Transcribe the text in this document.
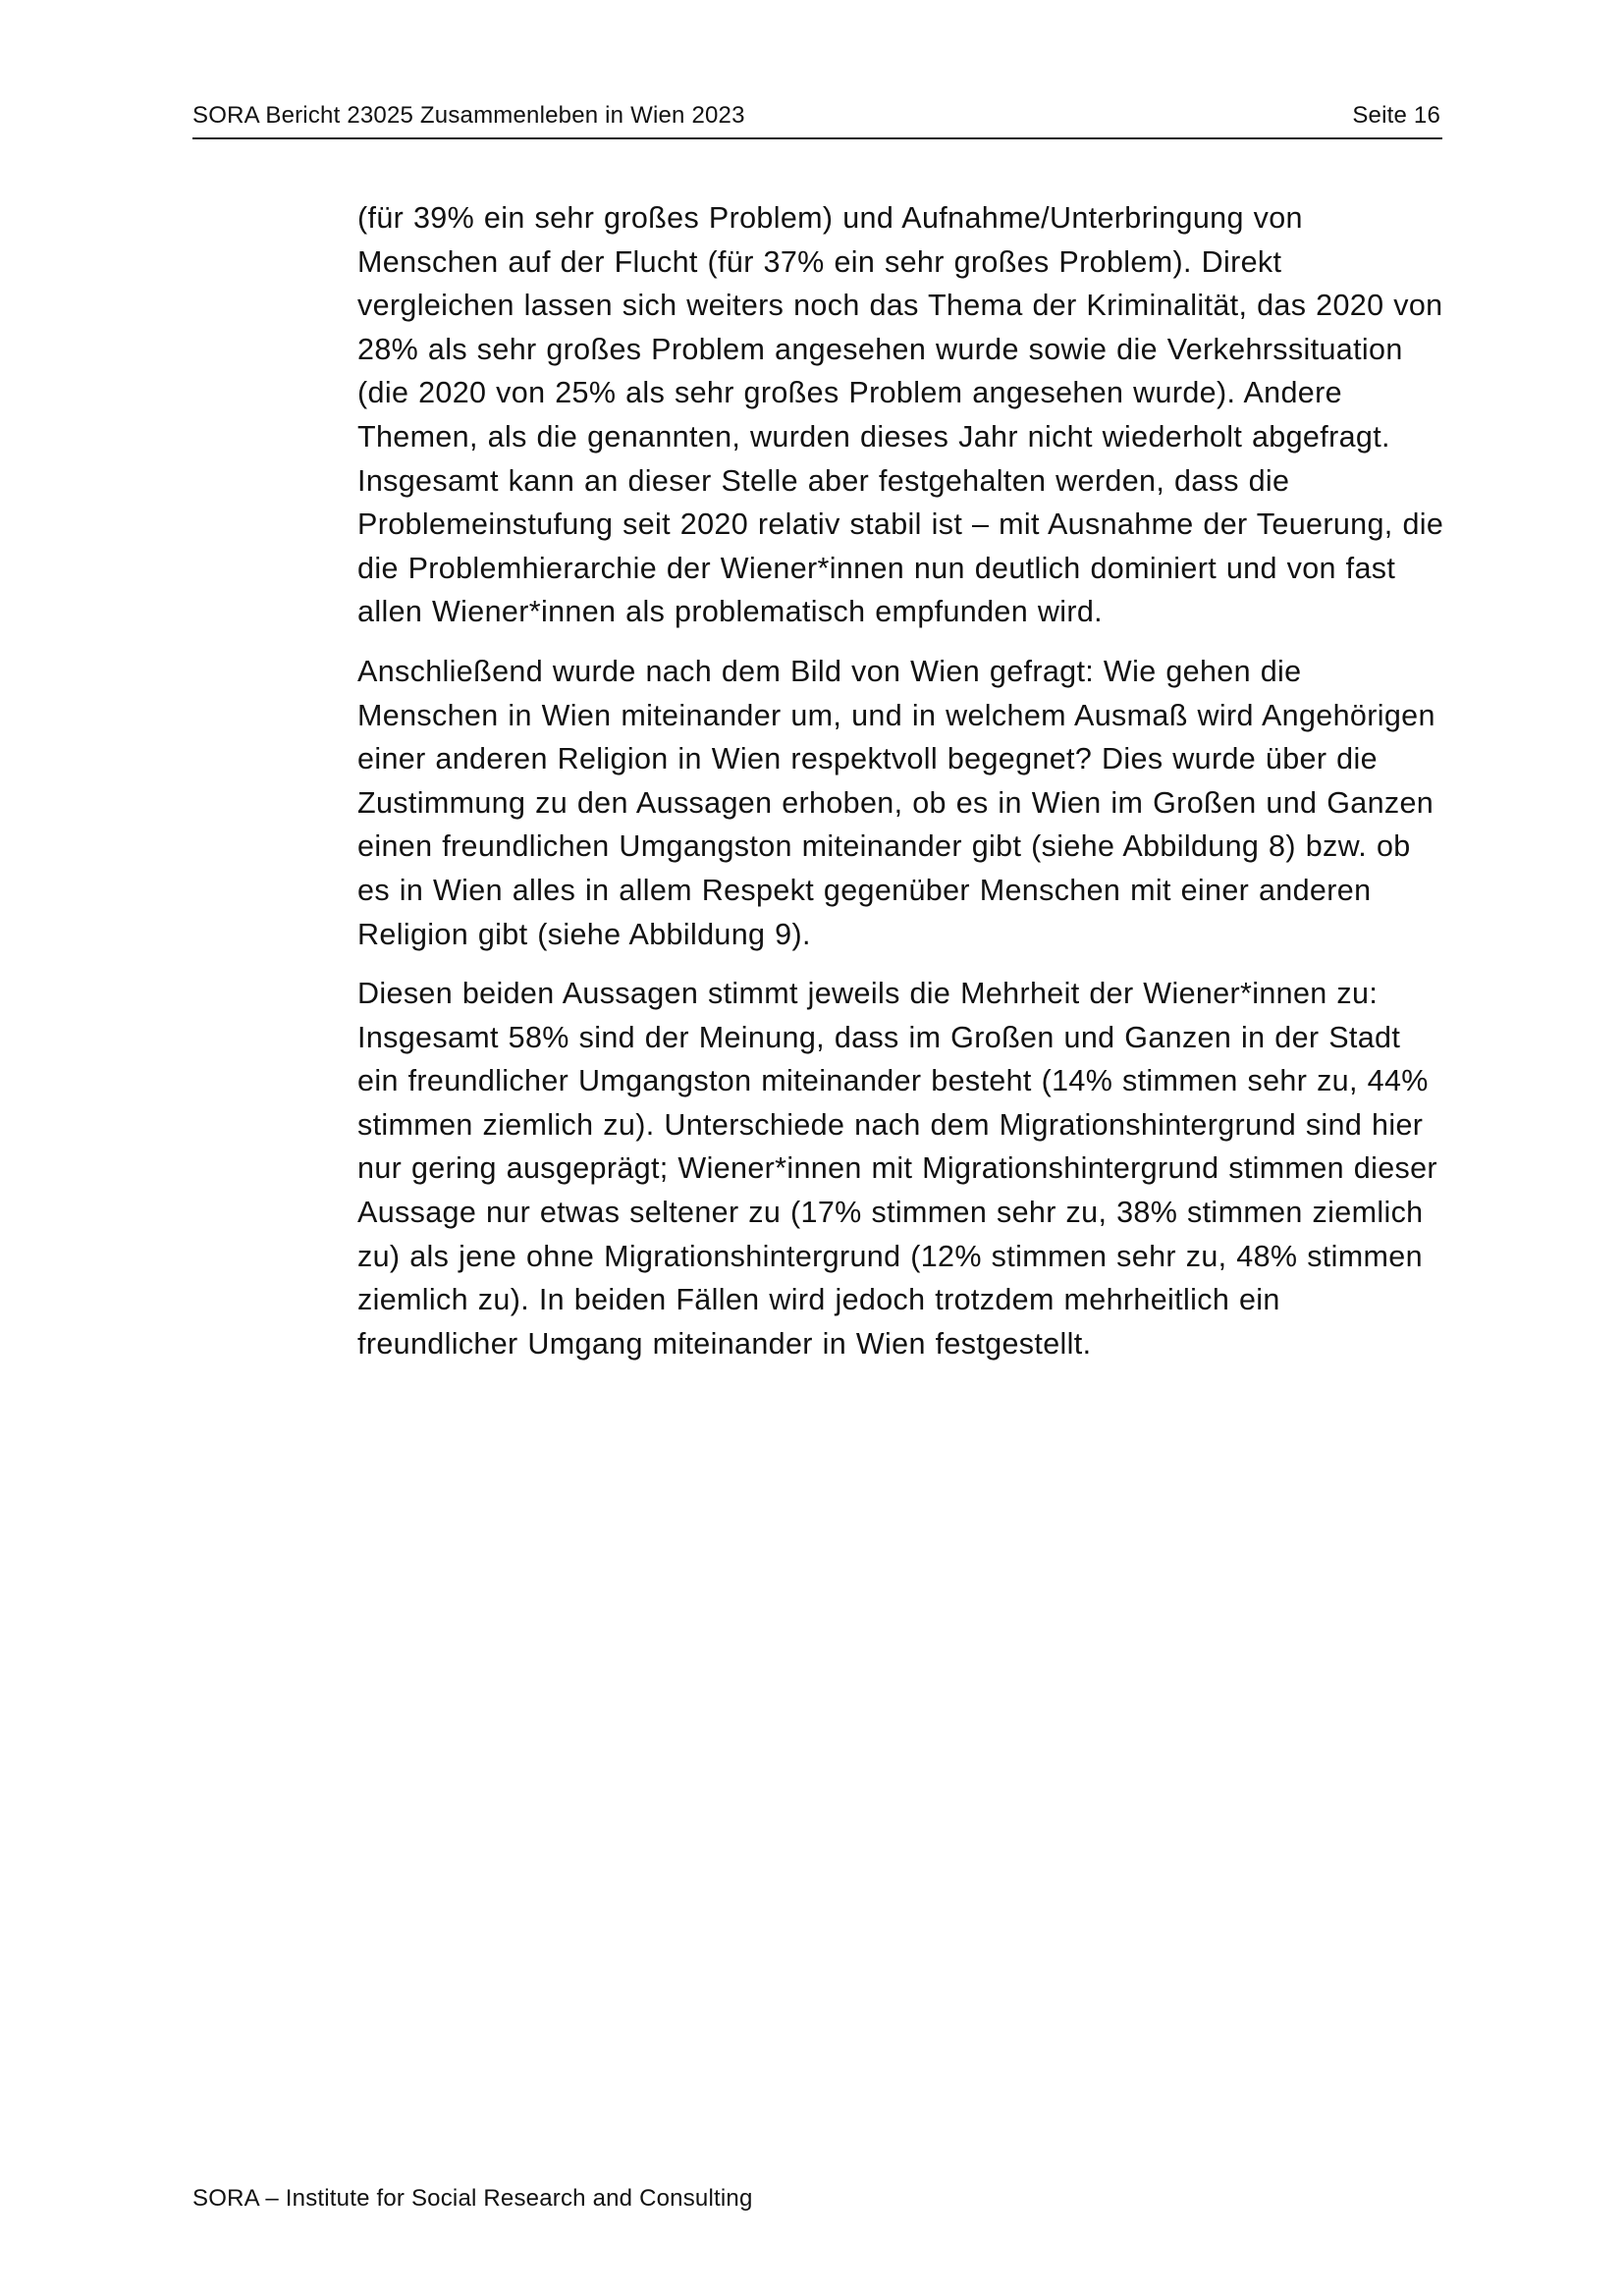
SORA Bericht 23025 Zusammenleben in Wien 2023	Seite 16

(für 39% ein sehr großes Problem) und Aufnahme/Unterbringung von Menschen auf der Flucht (für 37% ein sehr großes Problem). Direkt vergleichen lassen sich weiters noch das Thema der Kriminalität, das 2020 von 28% als sehr großes Problem angesehen wurde sowie die Verkehrssituation (die 2020 von 25% als sehr großes Problem angesehen wurde). Andere Themen, als die genannten, wurden dieses Jahr nicht wiederholt abgefragt. Insgesamt kann an dieser Stelle aber festgehalten werden, dass die Problemeinstufung seit 2020 relativ stabil ist – mit Ausnahme der Teuerung, die die Problemhierarchie der Wiener*innen nun deutlich dominiert und von fast allen Wiener*innen als problematisch empfunden wird.

Anschließend wurde nach dem Bild von Wien gefragt: Wie gehen die Menschen in Wien miteinander um, und in welchem Ausmaß wird Angehörigen einer anderen Religion in Wien respektvoll begegnet? Dies wurde über die Zustimmung zu den Aussagen erhoben, ob es in Wien im Großen und Ganzen einen freundlichen Umgangston miteinander gibt (siehe Abbildung 8) bzw. ob es in Wien alles in allem Respekt gegenüber Menschen mit einer anderen Religion gibt (siehe Abbildung 9).

Diesen beiden Aussagen stimmt jeweils die Mehrheit der Wiener*innen zu: Insgesamt 58% sind der Meinung, dass im Großen und Ganzen in der Stadt ein freundlicher Umgangston miteinander besteht (14% stimmen sehr zu, 44% stimmen ziemlich zu). Unterschiede nach dem Migrationshintergrund sind hier nur gering ausgeprägt; Wiener*innen mit Migrationshintergrund stimmen dieser Aussage nur etwas seltener zu (17% stimmen sehr zu, 38% stimmen ziemlich zu) als jene ohne Migrationshintergrund (12% stimmen sehr zu, 48% stimmen ziemlich zu). In beiden Fällen wird jedoch trotzdem mehrheitlich ein freundlicher Umgang miteinander in Wien festgestellt.

SORA – Institute for Social Research and Consulting
